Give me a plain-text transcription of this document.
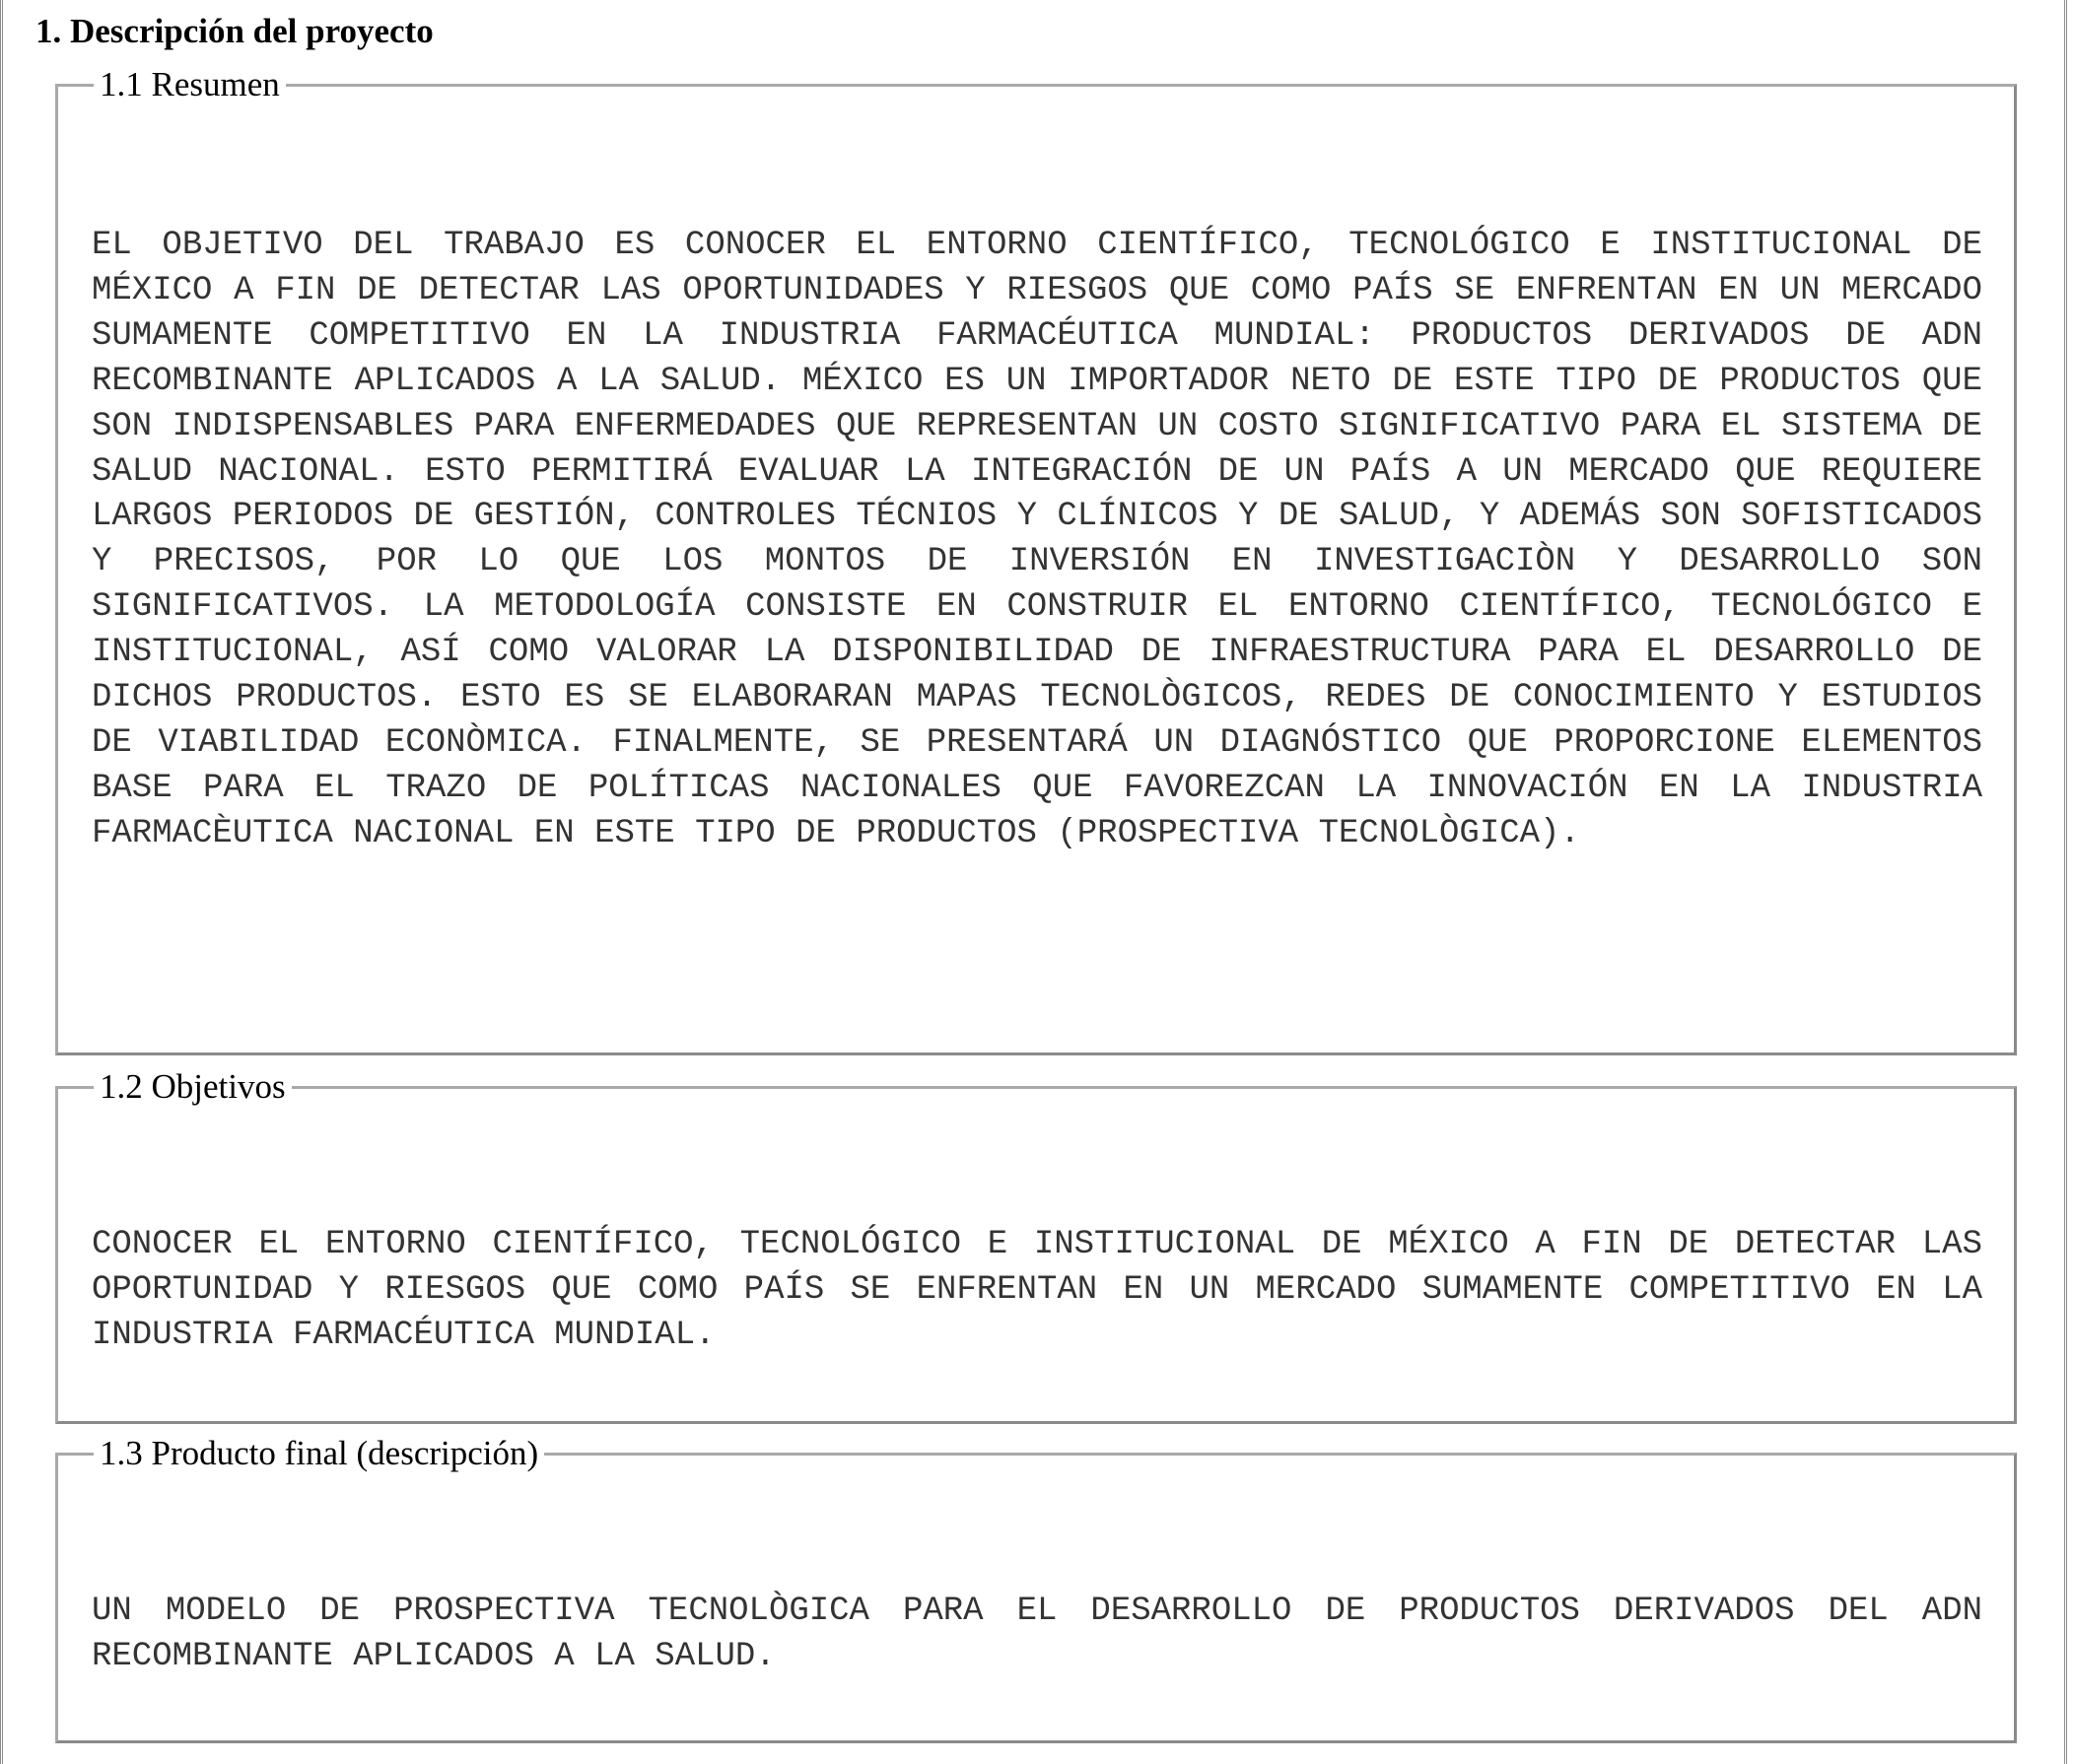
1. Descripción del proyecto
1.1 Resumen

EL OBJETIVO DEL TRABAJO ES CONOCER EL ENTORNO CIENTÍFICO, TECNOLÓGICO E INSTITUCIONAL DE MÉXICO A FIN DE DETECTAR LAS OPORTUNIDADES Y RIESGOS QUE COMO PAÍS SE ENFRENTAN EN UN MERCADO SUMAMENTE COMPETITIVO EN LA INDUSTRIA FARMACÉUTICA MUNDIAL: PRODUCTOS DERIVADOS DE ADN RECOMBINANTE APLICADOS A LA SALUD. MÉXICO ES UN IMPORTADOR NETO DE ESTE TIPO DE PRODUCTOS QUE SON INDISPENSABLES PARA ENFERMEDADES QUE REPRESENTAN UN COSTO SIGNIFICATIVO PARA EL SISTEMA DE SALUD NACIONAL. ESTO PERMITIRÁ EVALUAR LA INTEGRACIÓN DE UN PAÍS A UN MERCADO QUE REQUIERE LARGOS PERIODOS DE GESTIÓN, CONTROLES TÉCNIOS Y CLÍNICOS Y DE SALUD, Y ADEMÁS SON SOFISTICADOS Y PRECISOS, POR LO QUE LOS MONTOS DE INVERSIÓN EN INVESTIGACIÒN Y DESARROLLO SON SIGNIFICATIVOS. LA METODOLOGÍA CONSISTE EN CONSTRUIR EL ENTORNO CIENTÍFICO, TECNOLÓGICO E INSTITUCIONAL, ASÍ COMO VALORAR LA DISPONIBILIDAD DE INFRAESTRUCTURA PARA EL DESARROLLO DE DICHOS PRODUCTOS. ESTO ES SE ELABORARAN MAPAS TECNOLÒGICOS, REDES DE CONOCIMIENTO Y ESTUDIOS DE VIABILIDAD ECONÒMICA. FINALMENTE, SE PRESENTARÁ UN DIAGNÓSTICO QUE PROPORCIONE ELEMENTOS BASE PARA EL TRAZO DE POLÍTICAS NACIONALES QUE FAVOREZCAN LA INNOVACIÓN EN LA INDUSTRIA FARMACÈUTICA NACIONAL EN ESTE TIPO DE PRODUCTOS (PROSPECTIVA TECNOLÒGICA).

1.2 Objetivos

CONOCER EL ENTORNO CIENTÍFICO, TECNOLÓGICO E INSTITUCIONAL DE MÉXICO A FIN DE DETECTAR LAS OPORTUNIDAD Y RIESGOS QUE COMO PAÍS SE ENFRENTAN EN UN MERCADO SUMAMENTE COMPETITIVO EN LA INDUSTRIA FARMACÉUTICA MUNDIAL.

1.3 Producto final (descripción)

UN MODELO DE PROSPECTIVA TECNOLÒGICA PARA EL DESARROLLO DE PRODUCTOS DERIVADOS DEL ADN RECOMBINANTE APLICADOS A LA SALUD.
